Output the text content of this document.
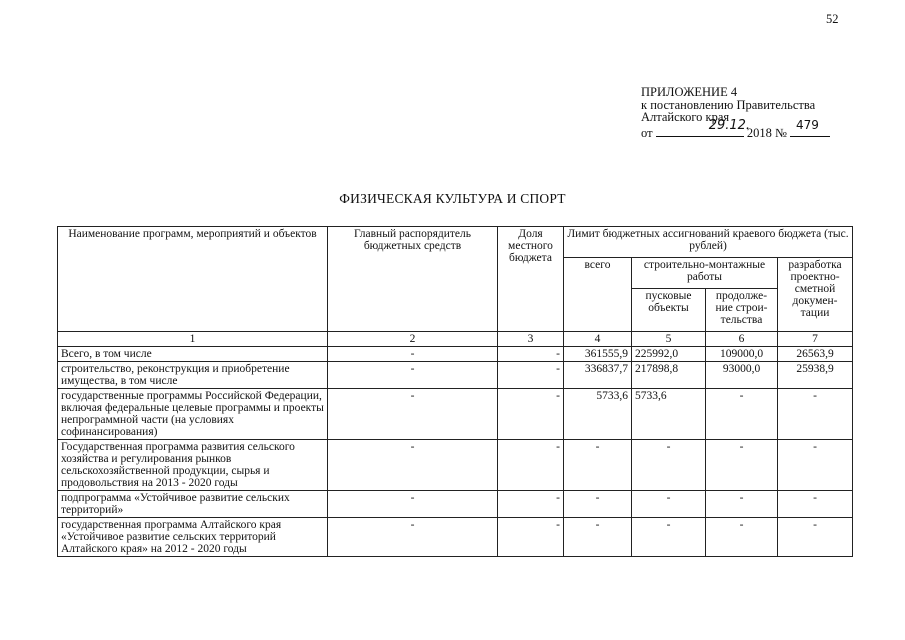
52
ПРИЛОЖЕНИЕ 4
к постановлению Правительства
Алтайского края
от	29.12.
2018 №
479
ФИЗИЧЕСКАЯ КУЛЬТУРА И СПОРТ
Наименование программ, мероприятий и объектов	Главный распорядитель бюджетных средств	Доля местного бюджета	Лимит бюджетных ассигнований краевого бюджета (тыс. рублей)			
			всего	строительно-монтажные работы		разработка проектно-сметной докумен-тации
				пусковые объекты	продолже-ние строи-тельства	
1	2	3	4	5	6	7
Всего, в том числе	-	-	361555,9	225992,0	109000,0	26563,9
строительство, реконструкция и приобретение имущества, в том числе	-	-	336837,7	217898,8	93000,0	25938,9
государственные программы Российской Федерации, включая федеральные целевые программы и проекты непрограммной части (на условиях софинансирования)	-	-	5733,6	5733,6	-	-
Государственная программа развития сельского хозяйства и регулирования рынков сельскохозяйственной продукции, сырья и продовольствия на 2013 - 2020 годы	-	-	-	-	-	-
подпрограмма «Устойчивое развитие сельских территорий»	-	-	-	-	-	-
государственная программа Алтайского края «Устойчивое развитие сельских территорий Алтайского края» на 2012 - 2020 годы	-	-	-	-	-	-
